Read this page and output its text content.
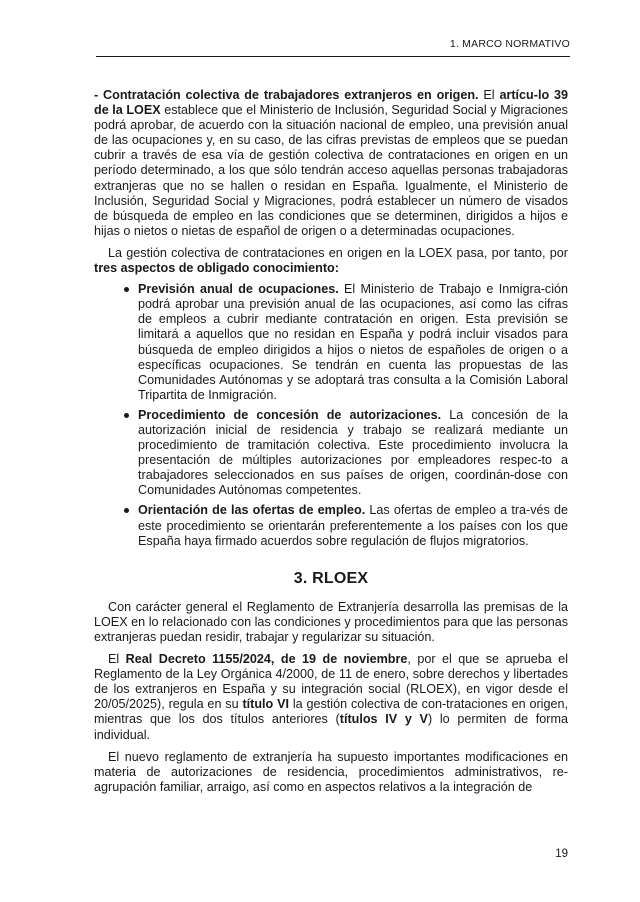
1. MARCO NORMATIVO

- Contratación colectiva de trabajadores extranjeros en origen. El artícu-lo 39 de la LOEX establece que el Ministerio de Inclusión, Seguridad Social y Migraciones podrá aprobar, de acuerdo con la situación nacional de empleo, una previsión anual de las ocupaciones y, en su caso, de las cifras previstas de empleos que se puedan cubrir a través de esa vía de gestión colectiva de contrataciones en origen en un período determinado, a los que sólo tendrán acceso aquellas personas trabajadoras extranjeras que no se hallen o residan en España. Igualmente, el Ministerio de Inclusión, Seguridad Social y Migraciones, podrá establecer un número de visados de búsqueda de empleo en las condiciones que se determinen, dirigidos a hijos e hijas o nietos o nietas de español de origen o a determinadas ocupaciones.

La gestión colectiva de contrataciones en origen en la LOEX pasa, por tanto, por tres aspectos de obligado conocimiento:

Previsión anual de ocupaciones. El Ministerio de Trabajo e Inmigra-ción podrá aprobar una previsión anual de las ocupaciones, así como las cifras de empleos a cubrir mediante contratación en origen. Esta previsión se limitará a aquellos que no residan en España y podrá incluir visados para búsqueda de empleo dirigidos a hijos o nietos de españoles de origen o a específicas ocupaciones. Se tendrán en cuenta las propuestas de las Comunidades Autónomas y se adoptará tras consulta a la Comisión Laboral Tripartita de Inmigración.
Procedimiento de concesión de autorizaciones. La concesión de la autorización inicial de residencia y trabajo se realizará mediante un procedimiento de tramitación colectiva. Este procedimiento involucra la presentación de múltiples autorizaciones por empleadores respec-to a trabajadores seleccionados en sus países de origen, coordinán-dose con Comunidades Autónomas competentes.
Orientación de las ofertas de empleo. Las ofertas de empleo a tra-vés de este procedimiento se orientarán preferentemente a los países con los que España haya firmado acuerdos sobre regulación de flujos migratorios.
3. RLOEX

Con carácter general el Reglamento de Extranjería desarrolla las premisas de la LOEX en lo relacionado con las condiciones y procedimientos para que las personas extranjeras puedan residir, trabajar y regularizar su situación.

El Real Decreto 1155/2024, de 19 de noviembre, por el que se aprueba el Reglamento de la Ley Orgánica 4/2000, de 11 de enero, sobre derechos y libertades de los extranjeros en España y su integración social (RLOEX), en vigor desde el 20/05/2025), regula en su título VI la gestión colectiva de con-trataciones en origen, mientras que los dos títulos anteriores (títulos IV y V) lo permiten de forma individual.

El nuevo reglamento de extranjería ha supuesto importantes modificaciones en materia de autorizaciones de residencia, procedimientos administrativos, re-agrupación familiar, arraigo, así como en aspectos relativos a la integración de

19
